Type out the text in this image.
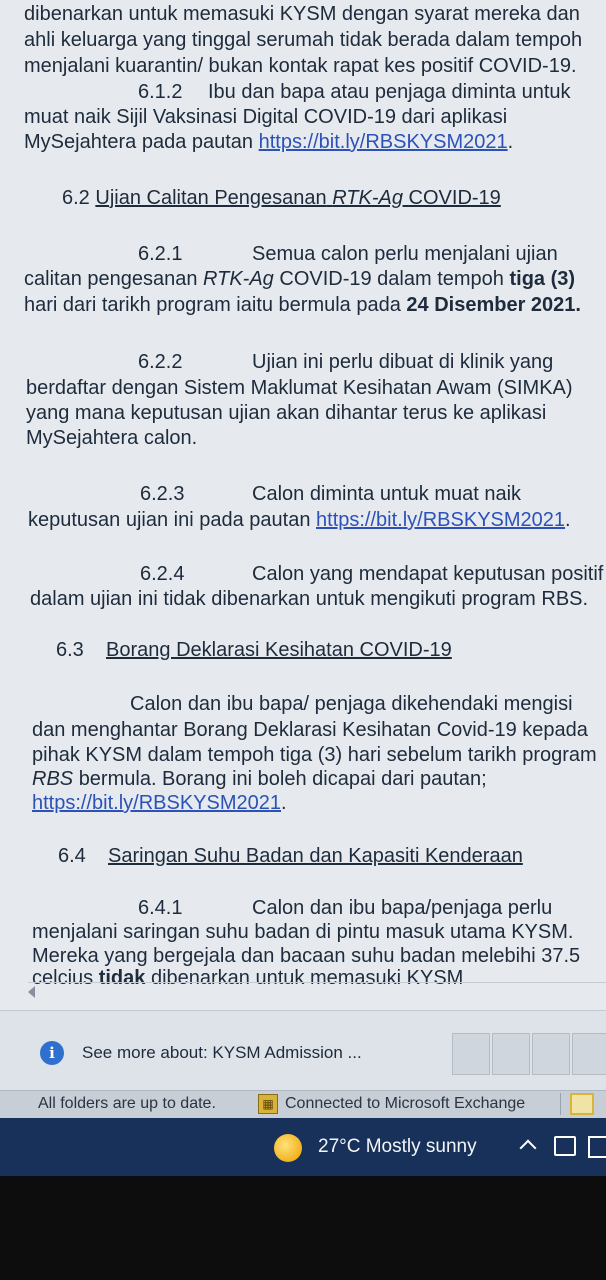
dibenarkan untuk memasuki KYSM dengan syarat mereka dan
ahli keluarga yang tinggal serumah tidak berada dalam tempoh
menjalani kuarantin/ bukan kontak rapat kes positif COVID-19.
6.1.2 Ibu dan bapa atau penjaga diminta untuk
muat naik Sijil Vaksinasi Digital COVID-19 dari aplikasi
MySejahtera pada pautan https://bit.ly/RBSKYSM2021.
6.2 Ujian Calitan Pengesanan RTK-Ag COVID-19
6.2.1	Semua calon perlu menjalani ujian
calitan pengesanan RTK-Ag COVID-19 dalam tempoh tiga (3)
hari dari tarikh program iaitu bermula pada 24 Disember 2021.
6.2.2	Ujian ini perlu dibuat di klinik yang
berdaftar dengan Sistem Maklumat Kesihatan Awam (SIMKA)
yang mana keputusan ujian akan dihantar terus ke aplikasi
MySejahtera calon.
6.2.3	Calon diminta untuk muat naik
keputusan ujian ini pada pautan https://bit.ly/RBSKYSM2021.
6.2.4	Calon yang mendapat keputusan positif
dalam ujian ini tidak dibenarkan untuk mengikuti program RBS.
6.3 Borang Deklarasi Kesihatan COVID-19
Calon dan ibu bapa/ penjaga dikehendaki mengisi
dan menghantar Borang Deklarasi Kesihatan Covid-19 kepada
pihak KYSM dalam tempoh tiga (3) hari sebelum tarikh program
RBS bermula. Borang ini boleh dicapai dari pautan;
https://bit.ly/RBSKYSM2021.
6.4 Saringan Suhu Badan dan Kapasiti Kenderaan
6.4.1	Calon dan ibu bapa/penjaga perlu
menjalani saringan suhu badan di pintu masuk utama KYSM.
Mereka yang bergejala dan bacaan suhu badan melebihi 37.5
celcius tidak dibenarkan untuk memasuki KYSM
i	See more about: KYSM Admission ...
All folders are up to date.	▦ Connected to Microsoft Exchange
27°C Mostly sunny
